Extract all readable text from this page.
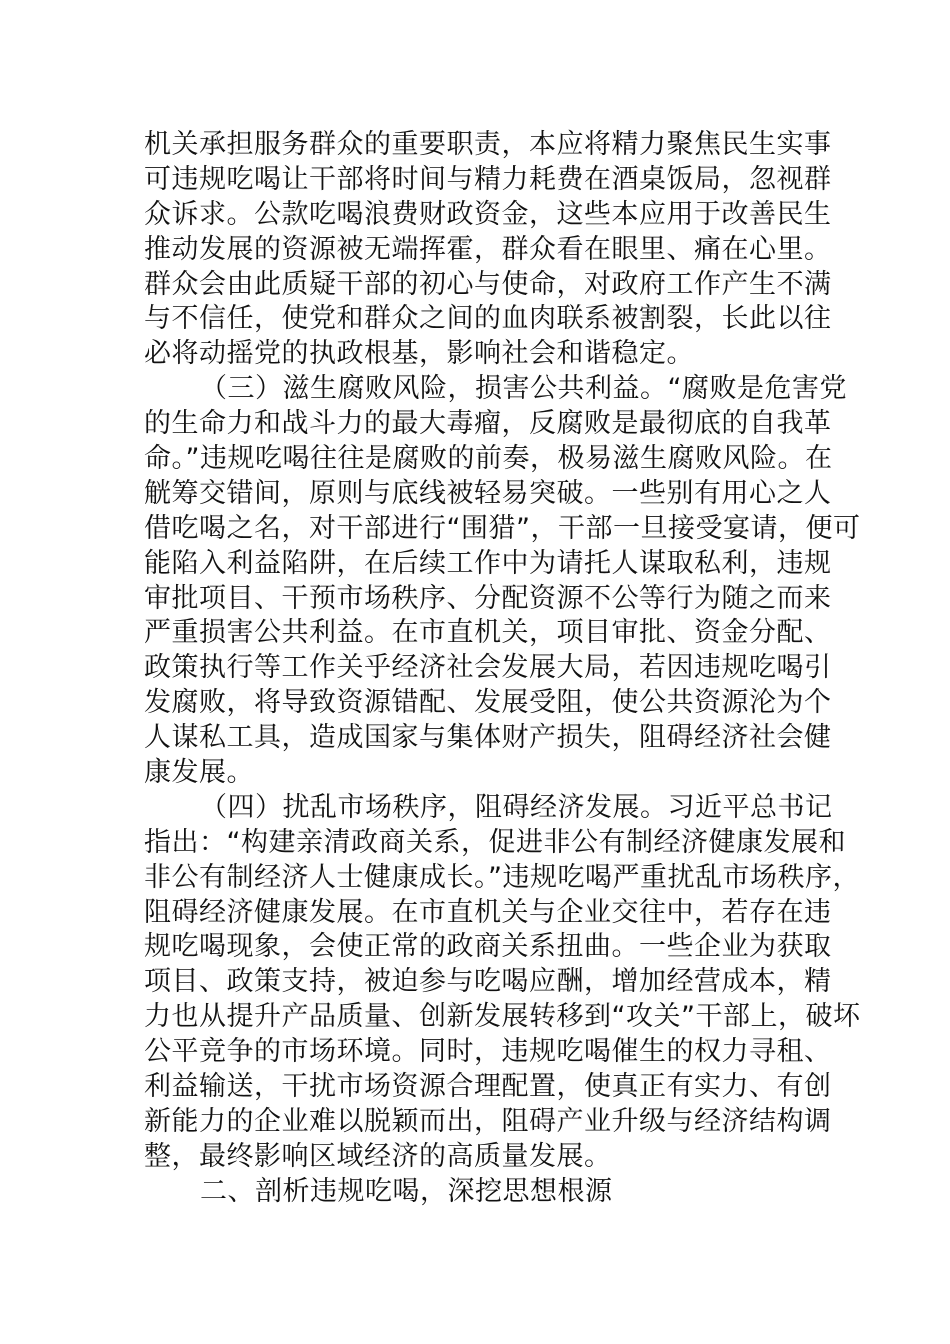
机关承担服务群众的重要职责，本应将精力聚焦民生实事
可违规吃喝让干部将时间与精力耗费在酒桌饭局，忽视群
众诉求。公款吃喝浪费财政资金，这些本应用于改善民生
推动发展的资源被无端挥霍，群众看在眼里、痛在心里。
群众会由此质疑干部的初心与使命，对政府工作产生不满
与不信任，使党和群众之间的血肉联系被割裂，长此以往
必将动摇党的执政根基，影响社会和谐稳定。
（三）滋生腐败风险，损害公共利益。“腐败是危害党
的生命力和战斗力的最大毒瘤，反腐败是最彻底的自我革
命。”违规吃喝往往是腐败的前奏，极易滋生腐败风险。在
觥筹交错间，原则与底线被轻易突破。一些别有用心之人
借吃喝之名，对干部进行“围猎”，干部一旦接受宴请，便可
能陷入利益陷阱，在后续工作中为请托人谋取私利，违规
审批项目、干预市场秩序、分配资源不公等行为随之而来
严重损害公共利益。在市直机关，项目审批、资金分配、
政策执行等工作关乎经济社会发展大局，若因违规吃喝引
发腐败，将导致资源错配、发展受阻，使公共资源沦为个
人谋私工具，造成国家与集体财产损失，阻碍经济社会健
康发展。
（四）扰乱市场秩序，阻碍经济发展。习近平总书记
指出：“构建亲清政商关系，促进非公有制经济健康发展和
非公有制经济人士健康成长。”违规吃喝严重扰乱市场秩序，
阻碍经济健康发展。在市直机关与企业交往中，若存在违
规吃喝现象，会使正常的政商关系扭曲。一些企业为获取
项目、政策支持，被迫参与吃喝应酬，增加经营成本，精
力也从提升产品质量、创新发展转移到“攻关”干部上，破坏
公平竞争的市场环境。同时，违规吃喝催生的权力寻租、
利益输送，干扰市场资源合理配置，使真正有实力、有创
新能力的企业难以脱颖而出，阻碍产业升级与经济结构调
整，最终影响区域经济的高质量发展。
二、剖析违规吃喝，深挖思想根源
